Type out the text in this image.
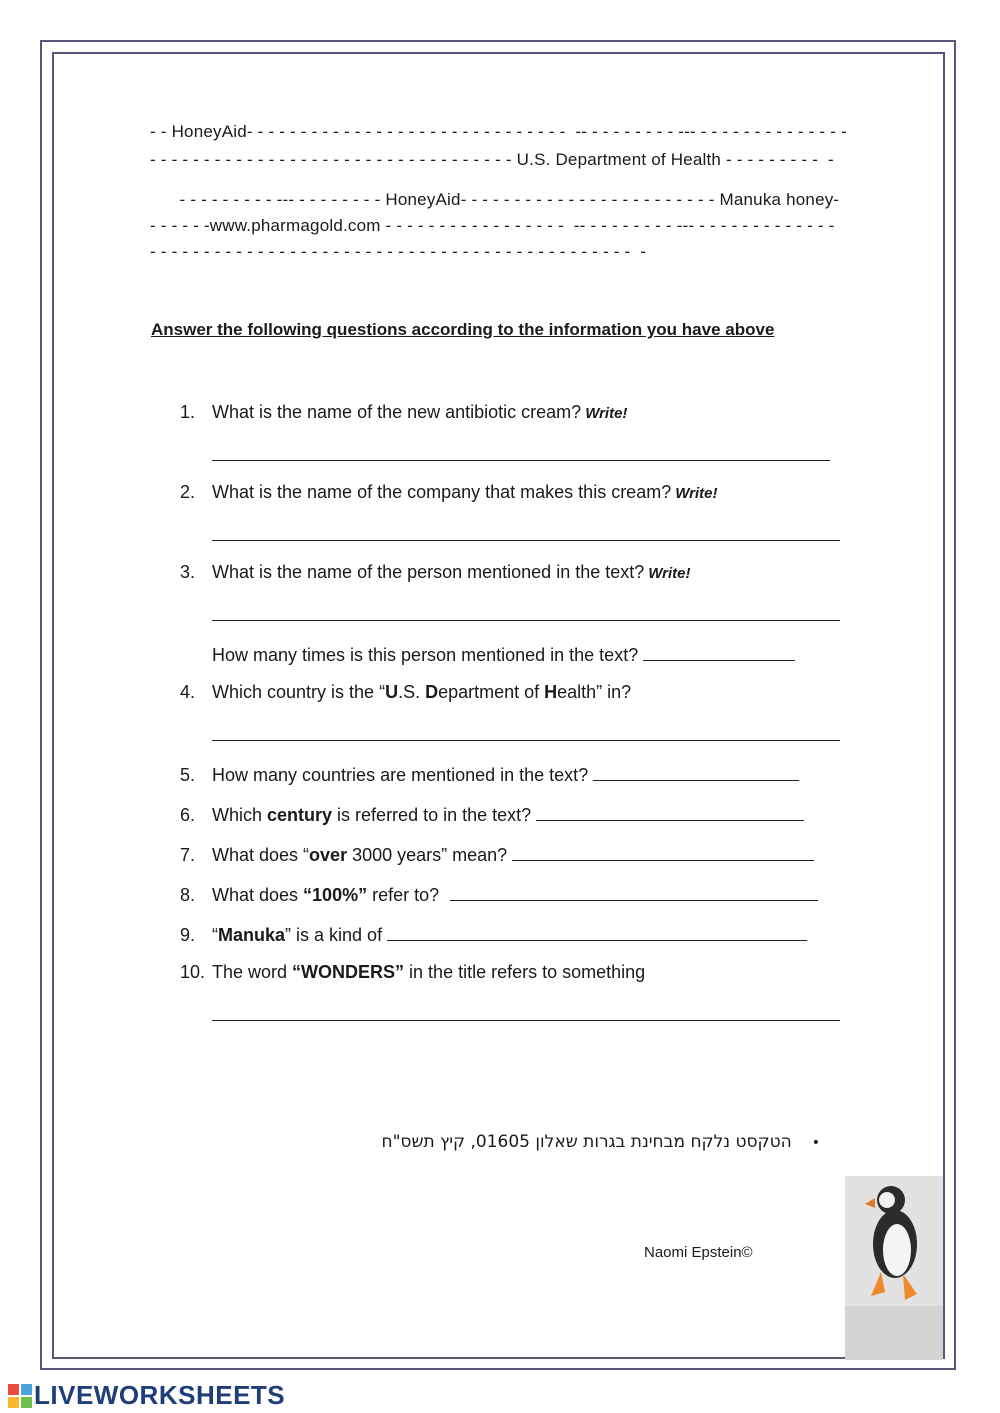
- - HoneyAid- - - - - - - - - - - - - - - - - - - - - - - - - - - - - -  -- - - - - - - - - --- - - - - - - - - - - - - - -
- - - - - - - - - - - - - - - - - - - - - - - - - - - - - - - - - - U.S. Department of Health - - - - - - - - -  -
- - - - - - - - - --- - - - - - - - - HoneyAid- - - - - - - - - - - - - - - - - - - - - - - - Manuka honey-
- - - - - -www.pharmagold.com - - - - - - - - - - - - - - - - -  -- - - - - - - - - --- - - - - - - - - - - - - -
- - - - - - - - - - - - - - - - - - - - - - - - - - - - - - - - - - - - - - - - - - - - -  -
Answer the following questions according to the information you have above
1. What is the name of the new antibiotic cream? Write!
2. What is the name of the company that makes this cream? Write!
3. What is the name of the person mentioned in the text? Write!
How many times is this person mentioned in the text?
4. Which country is the “U.S. Department of Health” in?
5. How many countries are mentioned in the text?
6. Which century is referred to in the text?
7. What does “over 3000 years” mean?
8. What does “100%” refer to?
9. “Manuka” is a kind of
10. The word “WONDERS” in the title refers to something
•הטקסט נלקח מבחינת בגרות שאלון 01605, קיץ תשס"ח
Naomi Epstein©
LIVEWORKSHEETS
